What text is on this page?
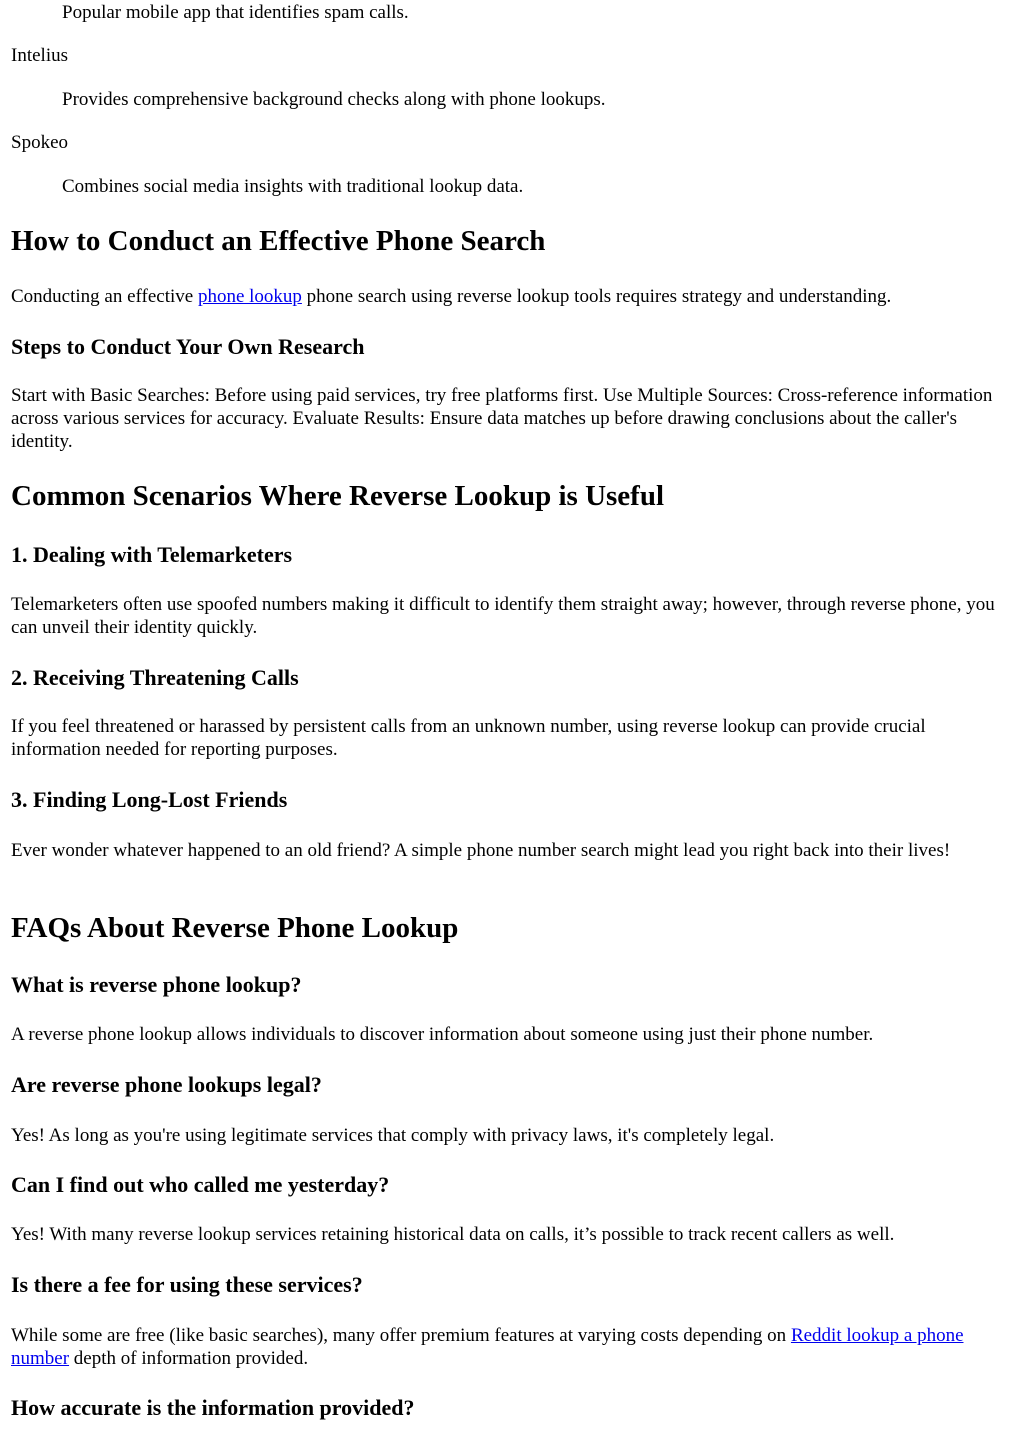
Popular mobile app that identifies spam calls.
Intelius
Provides comprehensive background checks along with phone lookups.
Spokeo
Combines social media insights with traditional lookup data.
How to Conduct an Effective Phone Search
Conducting an effective phone lookup phone search using reverse lookup tools requires strategy and understanding.
Steps to Conduct Your Own Research
Start with Basic Searches: Before using paid services, try free platforms first. Use Multiple Sources: Cross-reference information across various services for accuracy. Evaluate Results: Ensure data matches up before drawing conclusions about the caller's identity.
Common Scenarios Where Reverse Lookup is Useful
1. Dealing with Telemarketers
Telemarketers often use spoofed numbers making it difficult to identify them straight away; however, through reverse phone, you can unveil their identity quickly.
2. Receiving Threatening Calls
If you feel threatened or harassed by persistent calls from an unknown number, using reverse lookup can provide crucial information needed for reporting purposes.
3. Finding Long-Lost Friends
Ever wonder whatever happened to an old friend? A simple phone number search might lead you right back into their lives!
FAQs About Reverse Phone Lookup
What is reverse phone lookup?
A reverse phone lookup allows individuals to discover information about someone using just their phone number.
Are reverse phone lookups legal?
Yes! As long as you're using legitimate services that comply with privacy laws, it's completely legal.
Can I find out who called me yesterday?
Yes! With many reverse lookup services retaining historical data on calls, it’s possible to track recent callers as well.
Is there a fee for using these services?
While some are free (like basic searches), many offer premium features at varying costs depending on Reddit lookup a phone number depth of information provided.
How accurate is the information provided?
